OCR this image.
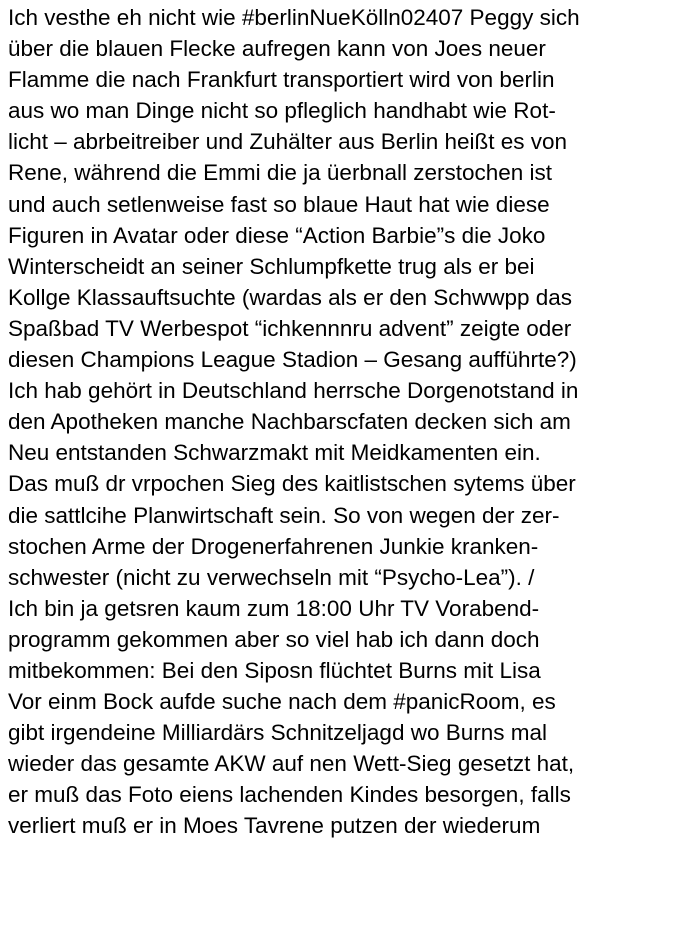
Ich vesthe eh nicht wie #berlinNueKölln02407 Peggy sich
über die blauen Flecke aufregen kann von Joes neuer
Flamme die nach Frankfurt transportiert wird von berlin
aus wo man Dinge nicht so pfleglich handhabt wie Rot-
licht – abrbeitreiber und Zuhälter aus Berlin heißt es von
Rene, während die Emmi die ja üerbnall zerstochen ist
und auch setlenweise fast so blaue Haut hat wie diese
Figuren in Avatar oder diese “Action Barbie”s die Joko
Winterscheidt an seiner Schlumpfkette trug als er bei
Kollge Klassauftsuchte (wardas als er den Schwwpp das
Spaßbad TV Werbespot “ichkennnru advent” zeigte oder
diesen Champions League Stadion – Gesang aufführte?)
Ich hab gehört in Deutschland herrsche Dorgenotstand in
den Apotheken manche Nachbarscfaten decken sich am
Neu entstanden Schwarzmakt mit Meidkamenten ein.
Das muß dr vrpochen Sieg des kaitlistschen sytems über
die sattlcihe Planwirtschaft sein. So von wegen der zer-
stochen Arme der Drogenerfahrenen Junkie kranken-
schwester (nicht zu verwechseln mit “Psycho-Lea”). /
Ich bin ja getsren kaum zum 18:00 Uhr TV Vorabend-
programm gekommen aber so viel hab ich dann doch
mitbekommen: Bei den Siposn flüchtet Burns mit Lisa
Vor einm Bock aufde suche nach dem #panicRoom, es
gibt irgendeine Milliardärs Schnitzeljagd wo Burns mal
wieder das gesamte AKW auf nen Wett-Sieg gesetzt hat,
er muß das Foto eiens lachenden Kindes besorgen, falls
verliert muß er in Moes Tavrene putzen der wiederum
